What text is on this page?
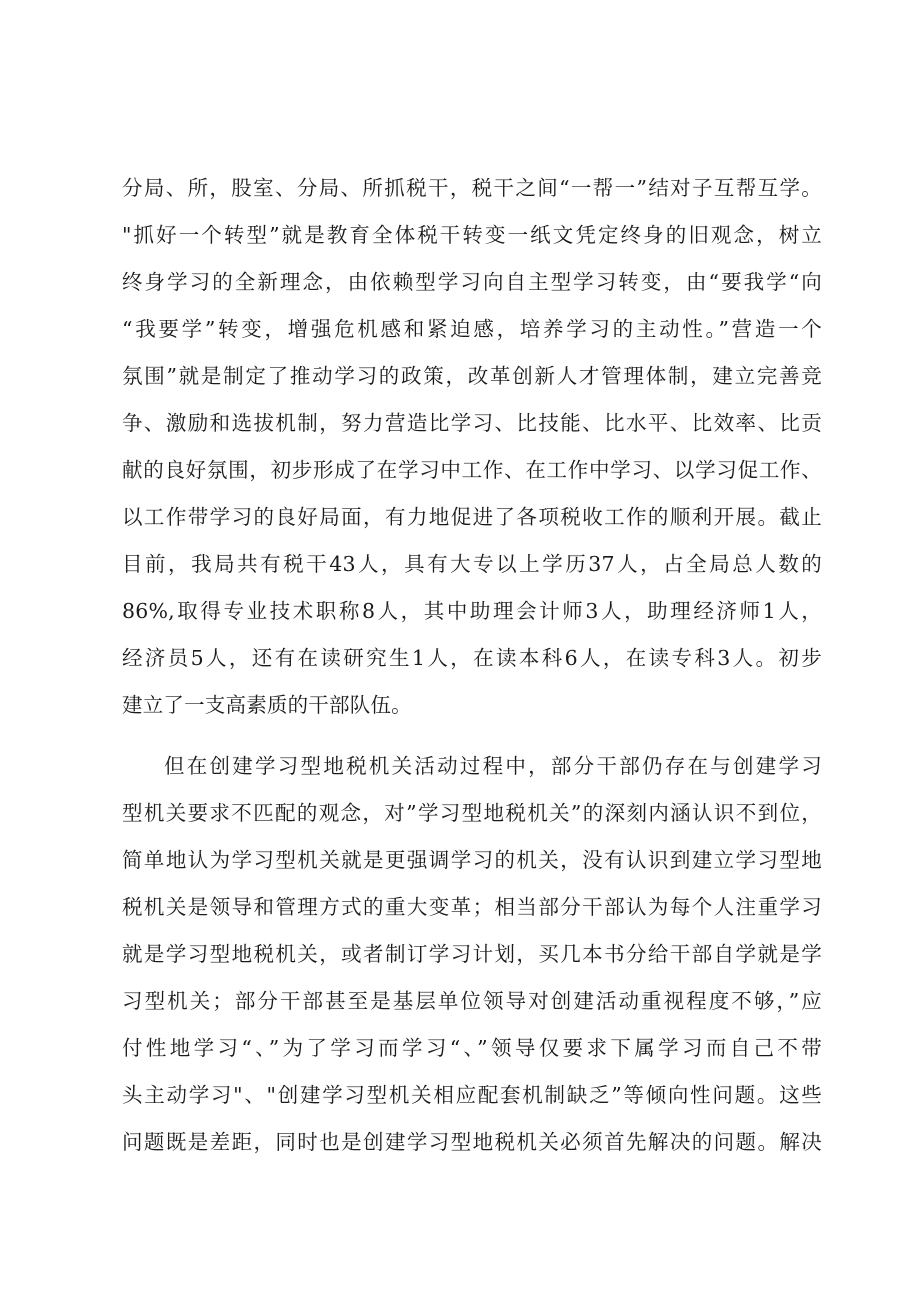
分局、所，股室、分局、所抓税干，税干之间“一帮一”结对子互帮互学。
"抓好一个转型”就是教育全体税干转变一纸文凭定终身的旧观念，树立
终身学习的全新理念，由依赖型学习向自主型学习转变，由“要我学“向
“我要学”转变，增强危机感和紧迫感，培养学习的主动性。”营造一个
氛围”就是制定了推动学习的政策，改革创新人才管理体制，建立完善竞
争、激励和选拔机制，努力营造比学习、比技能、比水平、比效率、比贡
献的良好氛围，初步形成了在学习中工作、在工作中学习、以学习促工作、
以工作带学习的良好局面，有力地促进了各项税收工作的顺利开展。截止
目前，我局共有税干43人，具有大专以上学历37人，占全局总人数的
86%,取得专业技术职称8人，其中助理会计师3人，助理经济师1人，
经济员5人，还有在读研究生1人，在读本科6人，在读专科3人。初步
建立了一支高素质的干部队伍。
但在创建学习型地税机关活动过程中，部分干部仍存在与创建学习
型机关要求不匹配的观念，对”学习型地税机关”的深刻内涵认识不到位，
简单地认为学习型机关就是更强调学习的机关，没有认识到建立学习型地
税机关是领导和管理方式的重大变革；相当部分干部认为每个人注重学习
就是学习型地税机关，或者制订学习计划，买几本书分给干部自学就是学
习型机关；部分干部甚至是基层单位领导对创建活动重视程度不够，”应
付性地学习“、”为了学习而学习“、”领导仅要求下属学习而自己不带
头主动学习"、"创建学习型机关相应配套机制缺乏”等倾向性问题。这些
问题既是差距，同时也是创建学习型地税机关必须首先解决的问题。解决
